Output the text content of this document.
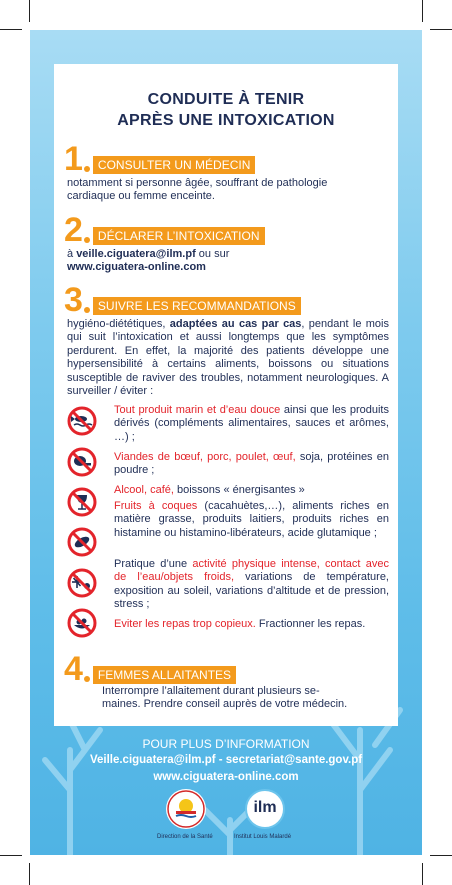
CONDUITE À TENIR
APRÈS UNE INTOXICATION
1	CONSULTER UN MÉDECIN
notamment si personne âgée, souffrant de pathologie
cardiaque ou femme enceinte.
2	DÉCLARER L’INTOXICATION
à veille.ciguatera@ilm.pf ou sur
www.ciguatera-online.com
3	SUIVRE LES RECOMMANDATIONS
hygiéno-diététiques, adaptées au cas par cas, pendant le mois qui suit l’intoxication et aussi longtemps que les symptômes perdurent. En effet, la majorité des patients développe une hypersensibilité à certains aliments, boissons ou situations susceptible de raviver des troubles, notamment neurologiques. A surveiller / éviter :
Tout produit marin et d’eau douce ainsi que les produits dérivés (compléments alimentaires, sauces et arômes, …) ;
Viandes de bœuf, porc, poulet, œuf, soja, protéines en poudre ;
Alcool, café, boissons « énergisantes »
Fruits à coques (cacahuètes,…), aliments riches en matière grasse, produits laitiers, produits riches en histamine ou histamino-libérateurs, acide glutamique ;
Pratique d’une activité physique intense, contact avec de l’eau/objets froids, variations de température, exposition au soleil, variations d’altitude et de pression, stress ;
Eviter les repas trop copieux. Fractionner les repas.
4	FEMMES ALLAITANTES
Interrompre l’allaitement durant plusieurs se-
maines. Prendre conseil auprès de votre médecin.
POUR PLUS D’INFORMATION
Veille.ciguatera@ilm.pf - secretariat@sante.gov.pf
www.ciguatera-online.com
Direction de la Santé
ilm
Institut Louis Malardé
